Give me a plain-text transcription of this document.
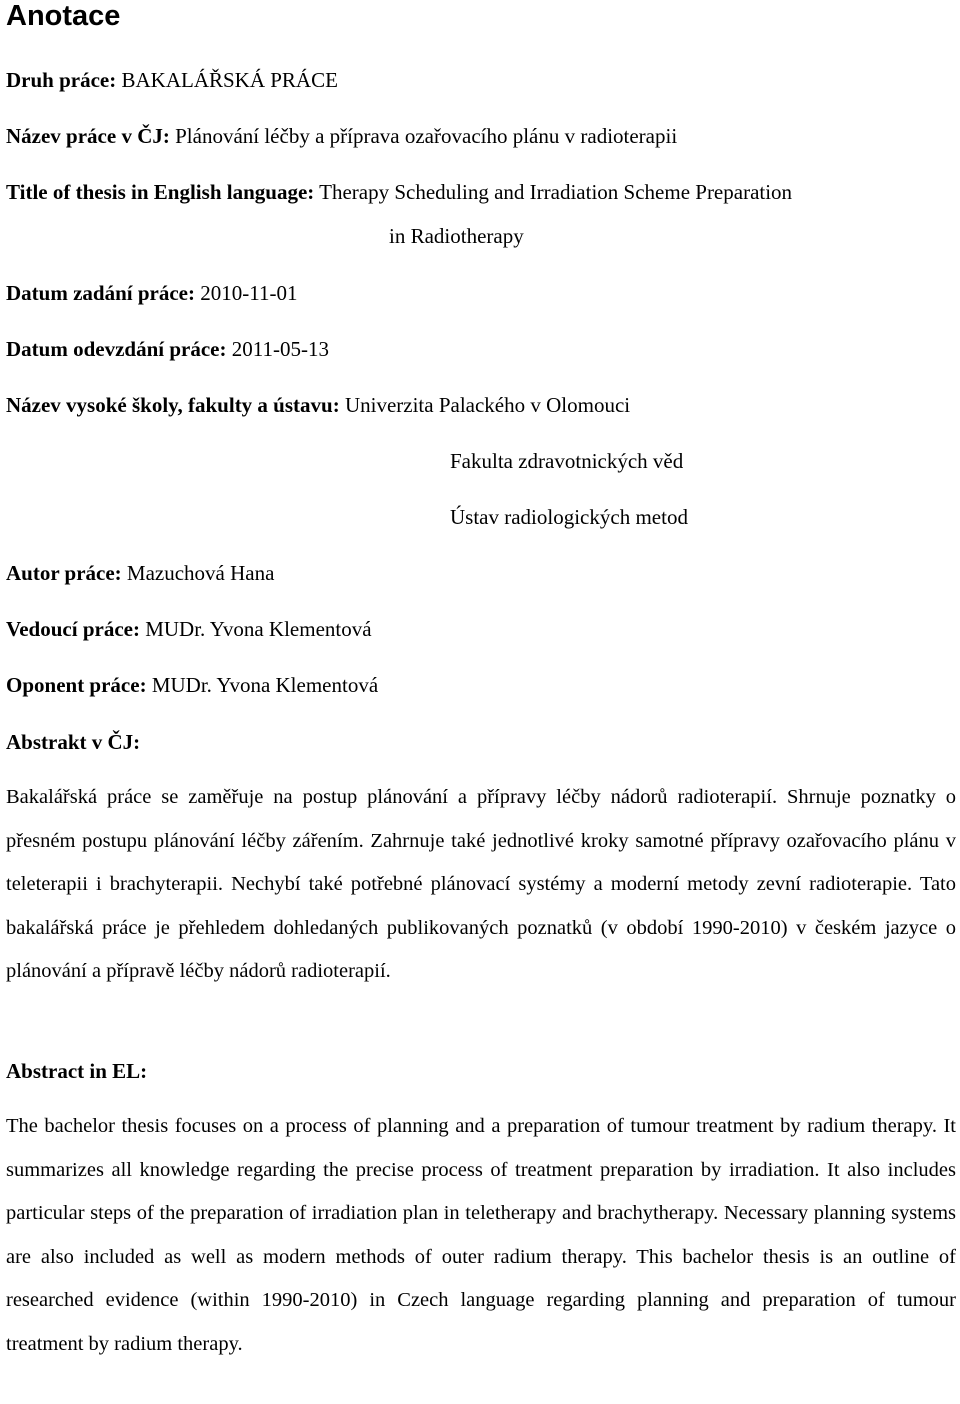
Anotace
Druh práce: BAKALÁŘSKÁ PRÁCE
Název práce v ČJ: Plánování léčby a příprava ozařovacího plánu v radioterapii
Title of thesis in English language: Therapy Scheduling and Irradiation Scheme Preparation
in Radiotherapy
Datum zadání práce: 2010-11-01
Datum odevzdání práce: 2011-05-13
Název vysoké školy, fakulty a ústavu: Univerzita Palackého v Olomouci
Fakulta zdravotnických věd
Ústav radiologických metod
Autor práce: Mazuchová Hana
Vedoucí práce: MUDr. Yvona Klementová
Oponent práce: MUDr. Yvona Klementová
Abstrakt v ČJ:

Bakalářská práce se zaměřuje na postup plánování a přípravy léčby nádorů radioterapií. Shrnuje poznatky o přesném postupu plánování léčby zářením. Zahrnuje také jednotlivé kroky samotné přípravy ozařovacího plánu v teleterapii i brachyterapii. Nechybí také potřebné plánovací systémy a moderní metody zevní radioterapie. Tato bakalářská práce je přehledem dohledaných publikovaných poznatků (v období 1990-2010) v českém jazyce o plánování a přípravě léčby nádorů radioterapií.

Abstract in EL:

The bachelor thesis focuses on a process of planning and a preparation of tumour treatment by radium therapy. It summarizes all knowledge regarding the precise process of treatment preparation by irradiation. It also includes particular steps of the preparation of irradiation plan in teletherapy and brachytherapy. Necessary planning systems are also included as well as modern methods of outer radium therapy. This bachelor thesis is an outline of researched evidence (within 1990-2010) in Czech language regarding planning and preparation of tumour treatment by radium therapy.
